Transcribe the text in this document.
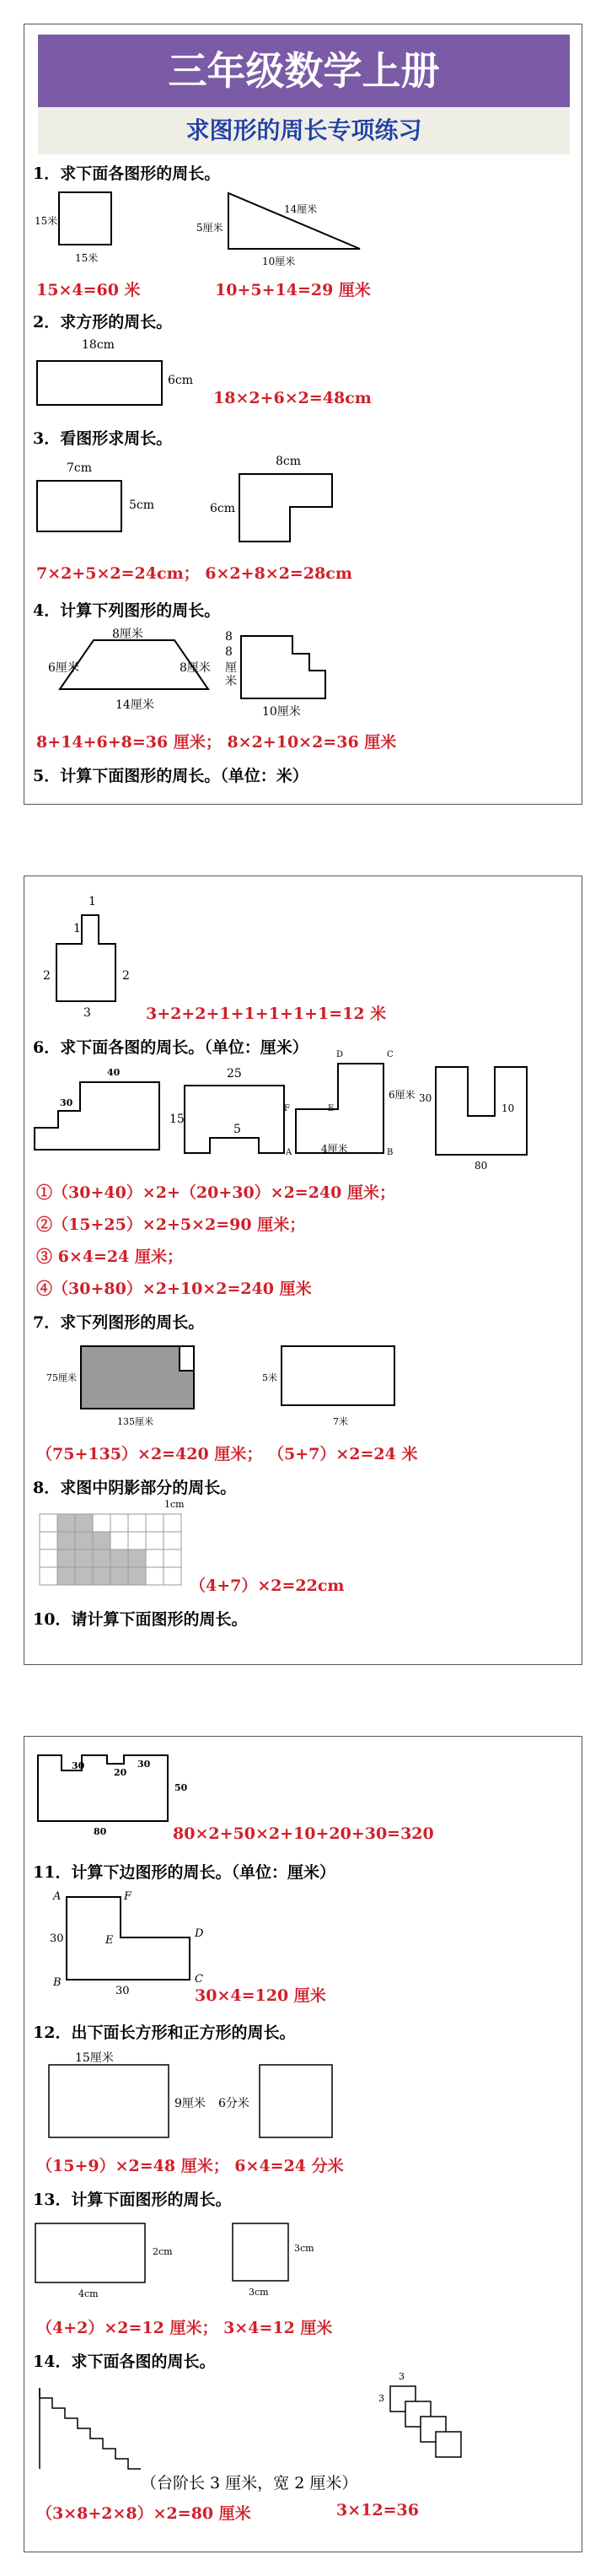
三年级数学上册
求图形的周长专项练习
1．求下面各图形的周长。
15米
15米
14厘米
5厘米
10厘米
15×4=60 米	10+5+14=29 厘米
2．求方形的周长。
18cm
6cm
18×2+6×2=48cm
3．看图形求周长。
7cm
5cm
8cm
6cm
7×2+5×2=24cm； 6×2+8×2=28cm
4．计算下列图形的周长。
8厘米
6厘米	8厘米
14厘米
8
8
厘
米
10厘米
8+14+6+8=36 厘米； 8×2+10×2=36 厘米
5．计算下面图形的周长。（单位：米）
1
1
2	2
3	3+2+2+1+1+1+1+1=12 米
6．求下面各图的周长。（单位：厘米）
40
30
25
15
5
D	C
F	E
A	B
6厘米
4厘米
30
10
80
①（30+40）×2+（20+30）×2=240 厘米；
②（15+25）×2+5×2=90 厘米；
③ 6×4=24 厘米；
④（30+80）×2+10×2=240 厘米
7．求下列图形的周长。
75厘米
135厘米
5米
7米
（75+135）×2=420 厘米； （5+7）×2=24 米
8．求图中阴影部分的周长。
1cm
（4+7）×2=22cm
10．请计算下面图形的周长。
30
20
30
50
80	80×2+50×2+10+20+30=320
11．计算下边图形的周长。（单位：厘米）
A	F
E
D
B	C
30
30	30×4=120 厘米
12．出下面长方形和正方形的周长。
15厘米
9厘米 6分米
（15+9）×2=48 厘米； 6×4=24 分米
13．计算下面图形的周长。
2cm
4cm
3cm
3cm
（4+2）×2=12 厘米； 3×4=12 厘米
14．求下面各图的周长。
3
3
（台阶长 3 厘米，宽 2 厘米）
（3×8+2×8）×2=80 厘米	3×12=36
